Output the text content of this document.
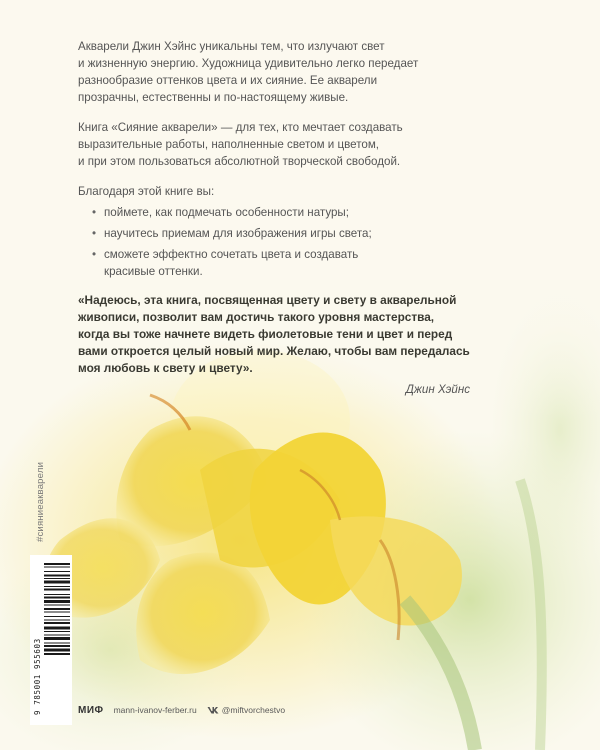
Акварели Джин Хэйнс уникальны тем, что излучают свет
и жизненную энергию. Художница удивительно легко передает
разнообразие оттенков цвета и их сияние. Ее акварели
прозрачны, естественны и по-настоящему живые.

Книга «Сияние акварели» — для тех, кто мечтает создавать
выразительные работы, наполненные светом и цветом,
и при этом пользоваться абсолютной творческой свободой.

Благодаря этой книге вы:

• поймете, как подмечать особенности натуры;
• научитесь приемам для изображения игры света;
• сможете эффектно сочетать цвета и создавать
красивые оттенки.

«Надеюсь, эта книга, посвященная цвету и свету в акварельной
живописи, позволит вам достичь такого уровня мастерства,
когда вы тоже начнете видеть фиолетовые тени и цвет и перед
вами откроется целый новый мир. Желаю, чтобы вам передалась
моя любовь к свету и цвету».

Джин Хэйнс
#сияниеакварели
9 785001 955603	МИФ mann-ivanov-ferber.ru	@miftvorchestvo
